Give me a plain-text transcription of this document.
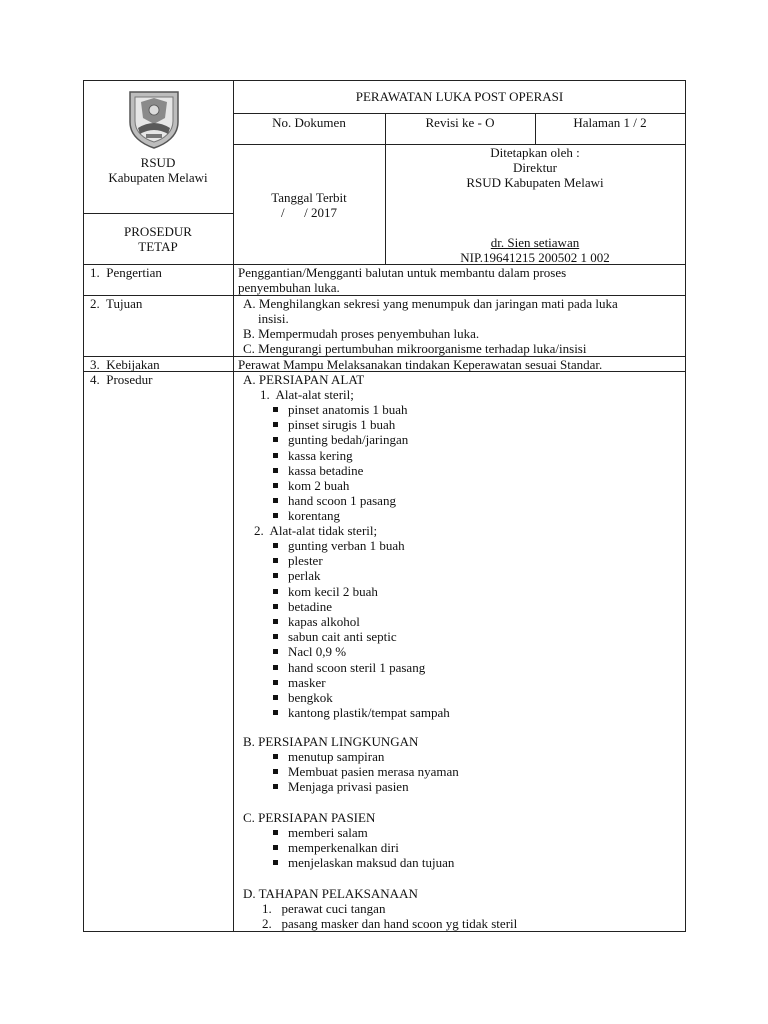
RSUD
Kabupaten Melawi
PROSEDUR
TETAP
PERAWATAN LUKA POST OPERASI
No. Dokumen	Revisi ke - O	Halaman 1 / 2
Tanggal Terbit
/      / 2017
Ditetapkan oleh :
Direktur
RSUD Kabupaten Melawi
dr. Sien setiawan
NIP.19641215 200502 1 002
1.  Pengertian	Penggantian/Mengganti balutan untuk membantu dalam proses
penyembuhan luka.
2.  Tujuan	A. Menghilangkan sekresi yang menumpuk dan jaringan mati pada luka
insisi.
B. Mempermudah proses penyembuhan luka.
C. Mengurangi pertumbuhan mikroorganisme terhadap luka/insisi
3.  Kebijakan	Perawat Mampu Melaksanakan tindakan Keperawatan sesuai Standar.
4.  Prosedur	A. PERSIAPAN ALAT
1.  Alat-alat steril;
pinset anatomis 1 buah
pinset sirugis 1 buah
gunting bedah/jaringan
kassa kering
kassa betadine
kom 2 buah
hand scoon 1 pasang
korentang
2.  Alat-alat tidak steril;
gunting verban 1 buah
plester
perlak
kom kecil 2 buah
betadine
kapas alkohol
sabun cait anti septic
Nacl 0,9 %
hand scoon steril 1 pasang
masker
bengkok
kantong plastik/tempat sampah
B. PERSIAPAN LINGKUNGAN
menutup sampiran
Membuat pasien merasa nyaman
Menjaga privasi pasien
C. PERSIAPAN PASIEN
memberi salam
memperkenalkan diri
menjelaskan maksud dan tujuan
D. TAHAPAN PELAKSANAAN
1.   perawat cuci tangan
2.   pasang masker dan hand scoon yg tidak steril
